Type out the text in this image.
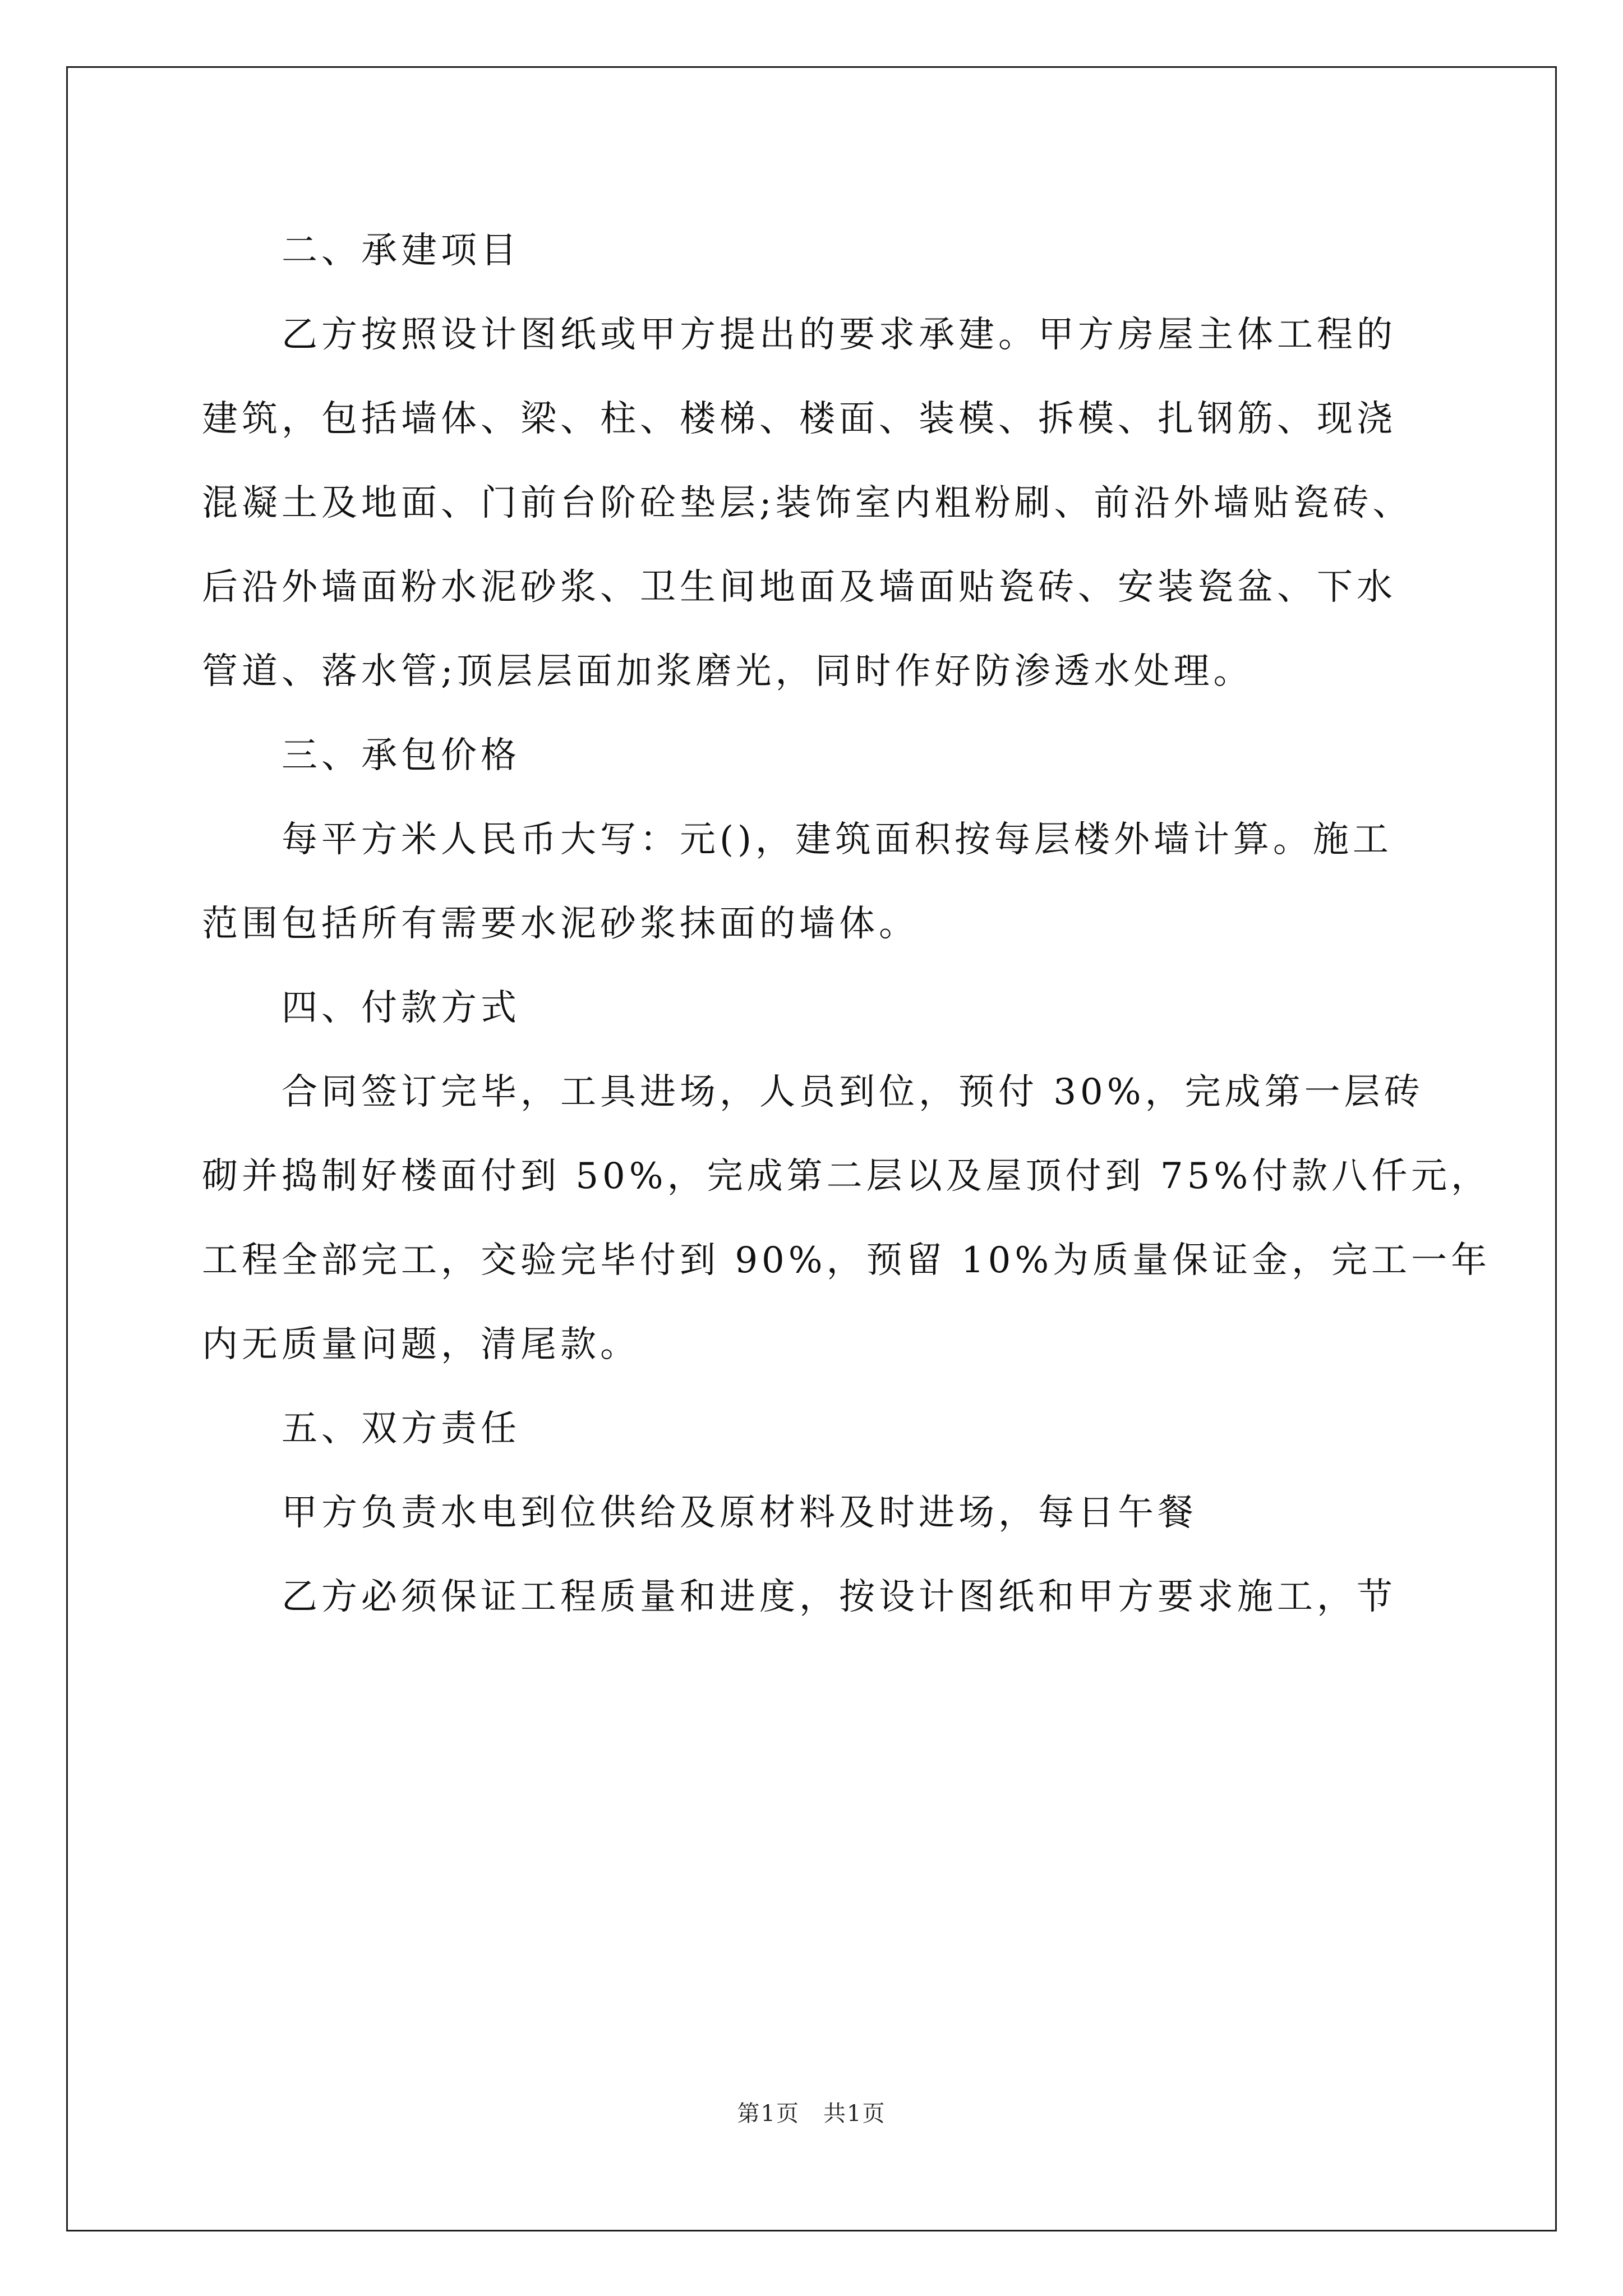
二、承建项目
乙方按照设计图纸或甲方提出的要求承建。甲方房屋主体工程的
建筑，包括墙体、梁、柱、楼梯、楼面、装模、拆模、扎钢筋、现浇
混凝土及地面、门前台阶砼垫层;装饰室内粗粉刷、前沿外墙贴瓷砖、
后沿外墙面粉水泥砂浆、卫生间地面及墙面贴瓷砖、安装瓷盆、下水
管道、落水管;顶层层面加浆磨光，同时作好防渗透水处理。
三、承包价格
每平方米人民币大写：元()，建筑面积按每层楼外墙计算。施工
范围包括所有需要水泥砂浆抹面的墙体。
四、付款方式
合同签订完毕，工具进场，人员到位，预付 30%，完成第一层砖
砌并捣制好楼面付到 50%，完成第二层以及屋顶付到 75%付款八仟元，
工程全部完工，交验完毕付到 90%，预留 10%为质量保证金，完工一年
内无质量问题，清尾款。
五、双方责任
甲方负责水电到位供给及原材料及时进场，每日午餐
乙方必须保证工程质量和进度，按设计图纸和甲方要求施工，节
第1页　共1页
